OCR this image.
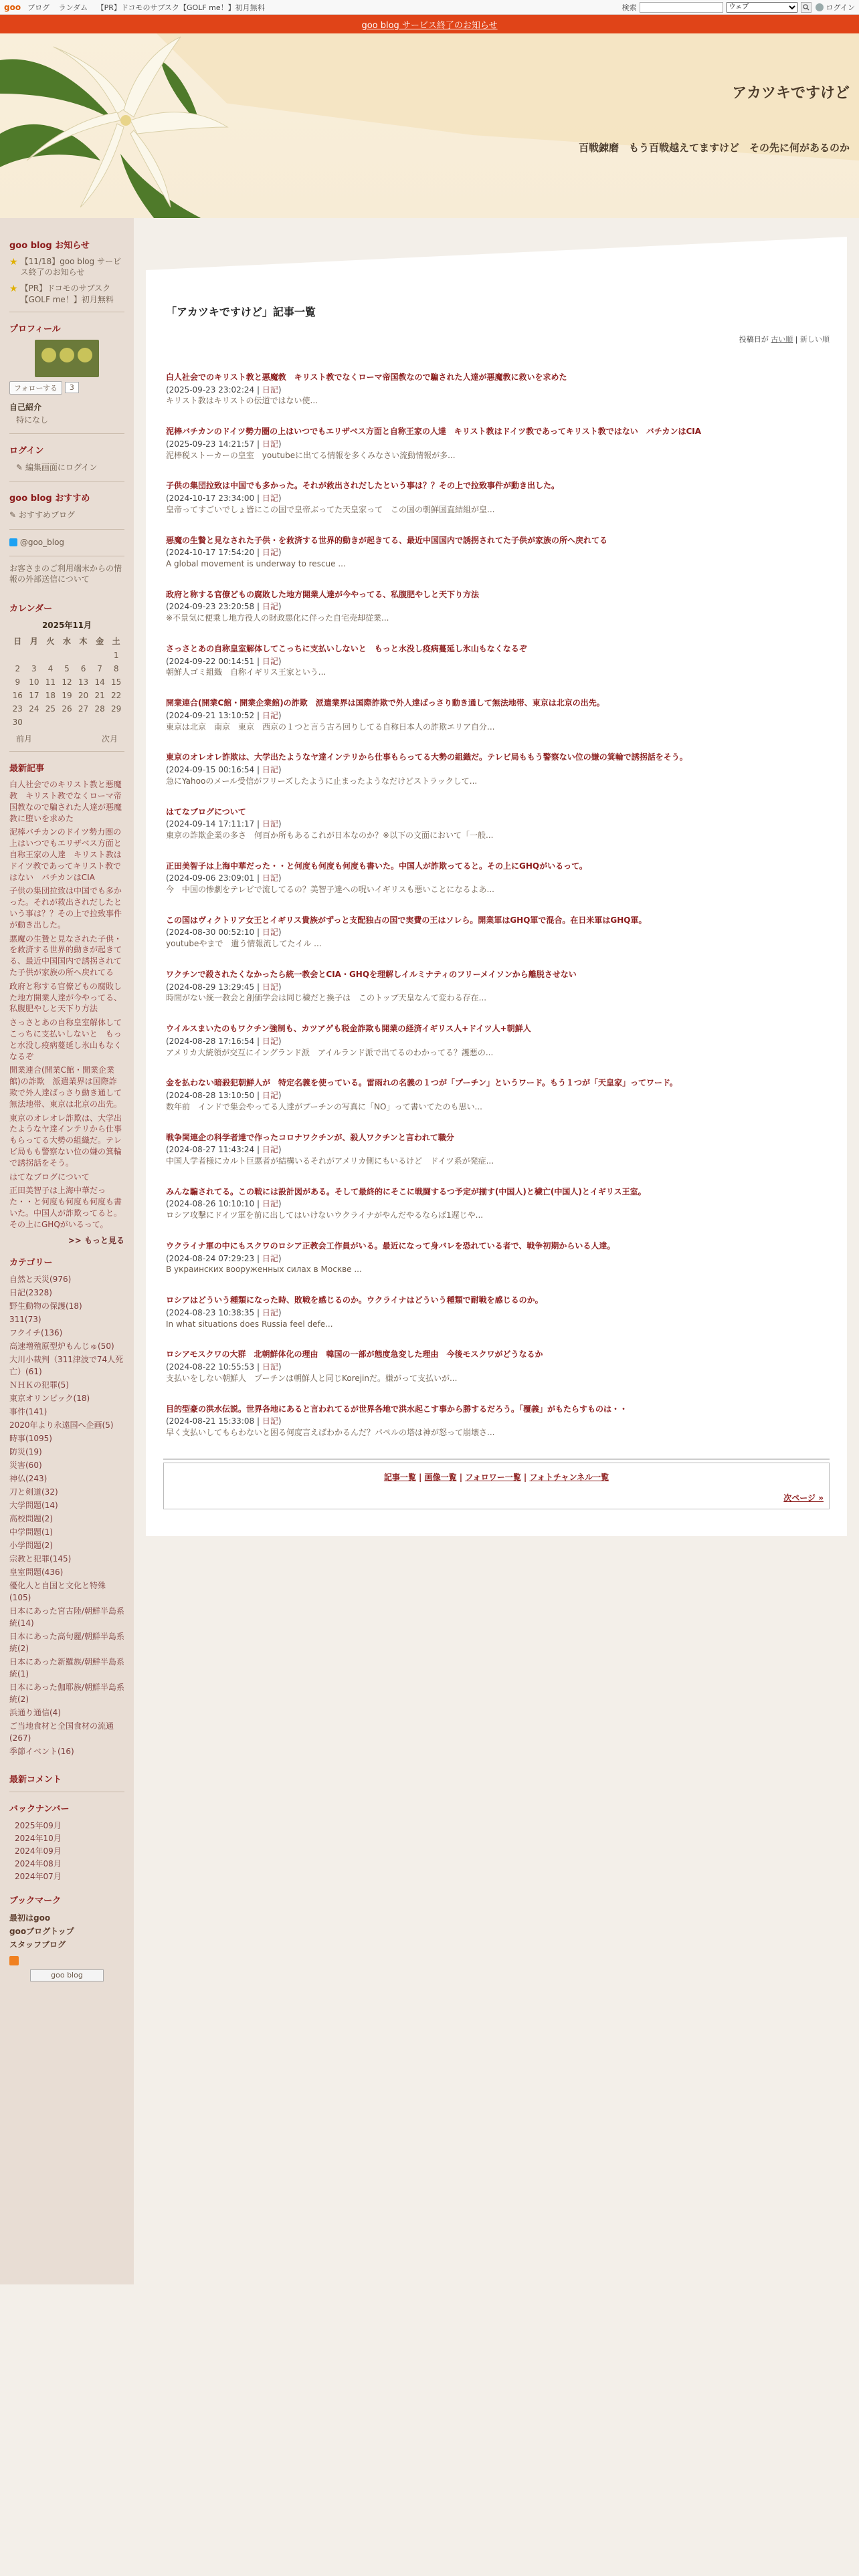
goo ブログ ランダム 【PR】ドコモのサブスク【GOLF me！】初月無料	検索
ウェブ	ログイン
goo blog サービス終了のお知らせ
アカツキですけど
百戦錬磨　もう百戦越えてますけど　その先に何があるのか
goo blog お知らせ
★ 【11/18】goo blog サービス終了のお知らせ
★ 【PR】ドコモのサブスク【GOLF me！】初月無料
プロフィール
フォローする	3
自己紹介
特になし
ログイン
✎ 編集画面にログイン
goo blog おすすめ
✎ おすすめブログ
@goo_blog
お客さまのご利用端末からの情報の外部送信について
カレンダー
2025年11月
日	月	火	水	木	金	土
						1
2	3	4	5	6	7	8
9	10	11	12	13	14	15
16	17	18	19	20	21	22
23	24	25	26	27	28	29
30						
前月	次月
最新記事
白人社会でのキリスト教と悪魔教　キリスト教でなくローマ帝国教なので騙された人達が悪魔教に堕いを求めた
泥棒バチカンのドイツ勢力圏の上はいつでもエリザベス方面と自称王家の人達　キリスト教はドイツ教であってキリスト教ではない　バチカンはCIA
子供の集団拉致は中国でも多かった。それが救出されだしたという事は？？その上で拉致事件が動き出した。
悪魔の生贄と見なされた子供・を救済する世界的動きが起きてる、最近中国国内で誘拐されてた子供が家族の所へ戻れてる
政府と称する官僚どもの腐敗した地方開業人達が今やってる、私腹肥やしと天下り方法
さっさとあの自称皇室解体してこっちに支払いしないと　もっと水没し疫病蔓延し氷山もなくなるぞ
開業連合(開業C館・開業企業館)の詐欺　派遣業界は国際詐欺で外人達ばっさり動き通して無法地帯、東京は北京の出先。
東京のオレオレ詐欺は、大学出たようなヤ達インテリから仕事もらってる大勢の組織だ。テレビ局もも警察ない位の嫌の箕輪で誘拐話をそう。
はてなブログについて
正田美智子は上海中華だった・・と何度も何度も何度も書いた。中国人が詐欺ってると。その上にGHQがいるって。
>> もっと見る
カテゴリー
自然と天災(976)
日記(2328)
野生動物の保護(18)
311(73)
フクイチ(136)
高速増殖原型炉もんじゅ(50)
大川小裁判（311津波で74人死亡）(61)
ＮＨＫの犯罪(5)
東京オリンピック(18)
事件(141)
2020年より永遠国へ企画(5)
時事(1095)
防災(19)
災害(60)
神仏(243)
刀と剣道(32)
大学問題(14)
高校問題(2)
中学問題(1)
小学問題(2)
宗教と犯罪(145)
皇室問題(436)
優化人と自国と文化と特殊(105)
日本にあった宮古陸/朝鮮半島系統(14)
日本にあった高句麗/朝鮮半島系統(2)
日本にあった新羅族/朝鮮半島系統(1)
日本にあった伽耶族/朝鮮半島系統(2)
浜通り通信(4)
ご当地食材と全国食材の流通(267)
季節イベント(16)
最新コメント
バックナンバー
2025年09月
2024年10月
2024年09月
2024年08月
2024年07月
ブックマーク
最初はgoo
gooブログトップ
スタッフブログ
goo blog
「アカツキですけど」記事一覧
投稿日が 古い順 | 新しい順
白人社会でのキリスト教と悪魔教　キリスト教でなくローマ帝国教なので騙された人達が悪魔教に救いを求めた
(2025-09-23 23:02:24 | 日記)
キリスト教はキリストの伝道ではない使...
泥棒バチカンのドイツ勢力圏の上はいつでもエリザベス方面と自称王家の人達　キリスト教はドイツ教であってキリスト教ではない　バチカンはCIA
(2025-09-23 14:21:57 | 日記)
泥棒税ストーカーの皇室　youtubeに出てる情報を多くみなさい流動情報が多...
子供の集団拉致は中国でも多かった。それが救出されだしたという事は？？その上で拉致事件が動き出した。
(2024-10-17 23:34:00 | 日記)
皇帝ってすごいでしょ皆にこの国で皇帝ぶってた天皇家って　この国の朝鮮国直結組が皇...
悪魔の生贄と見なされた子供・を救済する世界的動きが起きてる、最近中国国内で誘拐されてた子供が家族の所へ戻れてる
(2024-10-17 17:54:20 | 日記)
A global movement is underway to rescue ...
政府と称する官僚どもの腐敗した地方開業人達が今やってる、私腹肥やしと天下り方法
(2024-09-23 23:20:58 | 日記)
※不景気に便乗し地方役人の財政悪化に伴った自宅売却従業...
さっさとあの自称皇室解体してこっちに支払いしないと　もっと水没し疫病蔓延し氷山もなくなるぞ
(2024-09-22 00:14:51 | 日記)
朝鮮人ゴミ組織　自称イギリス王家という...
開業連合(開業C館・開業企業館)の詐欺　派遣業界は国際詐欺で外人達ばっさり動き通して無法地帯、東京は北京の出先。
(2024-09-21 13:10:52 | 日記)
東京は北京　南京　東京　西京の１つと言う古ろ回りしてる自称日本人の詐欺エリア自分...
東京のオレオレ詐欺は、大学出たようなヤ達インテリから仕事もらってる大勢の組織だ。テレビ局ももう警察ない位の嫌の箕輪で誘拐話をそう。
(2024-09-15 00:16:54 | 日記)
急にYahooのメール受信がフリーズしたように止まったようなだけどストラックして...
はてなブログについて
(2024-09-14 17:11:17 | 日記)
東京の詐欺企業の多さ　何百か所もあるこれが日本なのか？※以下の文面において「一般...
正田美智子は上海中華だった・・と何度も何度も何度も書いた。中国人が詐欺ってると。その上にGHQがいるって。
(2024-09-06 23:09:01 | 日記)
今　中国の惨劇をテレビで流してるの？美智子達への呪いイギリスも悪いことになるよあ...
この国はヴィクトリア女王とイギリス貴族がずっと支配独占の国で実費の王はソレら。開業軍はGHQ軍で混合。在日米軍はGHQ軍。
(2024-08-30 00:52:10 | 日記)
youtubeやまで　遺う情報流してたイル ...
ワクチンで殺されたくなかったら統一教会とCIA・GHQを理解しイルミナティのフリーメイソンから離脱させない
(2024-08-29 13:29:45 | 日記)
時間がない統一教会と創価学会は同じ穢だと換子は　このトップ天皇なんて変わる存在...
ウイルスまいたのもワクチン強制も、カツアゲも税金詐欺も開業の経済イギリス人+ドイツ人+朝鮮人
(2024-08-28 17:16:54 | 日記)
アメリカ大統領が交互にイングランド派　アイルランド派で出てるのわかってる？護悪の...
金を払わない暗殺犯朝鮮人が　特定名義を使っている。雷雨れの名義の１つが「プーチン」というワード。もう１つが「天皇家」ってワード。
(2024-08-28 13:10:50 | 日記)
数年前　インドで集会やってる人達がプーチンの写真に「NO」って書いてたのも思い...
戦争関連企の科学者達で作ったコロナワクチンが、殺人ワクチンと言われて職分
(2024-08-27 11:43:24 | 日記)
中国人学者様にカルト巨悪者が結構いるそれがアメリカ側にもいるけど　ドイツ系が発症...
みんな騙されてる。この戦には設計図がある。そして最終的にそこに戦闘するつ予定が揃す(中国人)と穢亡(中国人)とイギリス王室。
(2024-08-26 10:10:10 | 日記)
ロシア攻撃にドイツ軍を前に出してはいけないウクライナがやんだやるならば1遅じや...
ウクライナ軍の中にもスクワのロシア正教会工作員がいる。最近になって身バレを恐れている者で、戦争初期からいる人達。
(2024-08-24 07:29:23 | 日記)
В украинских вооруженных силах в Москве ...
ロシアはどういう種類になった時、敗戦を感じるのか。ウクライナはどういう種類で耐戦を感じるのか。
(2024-08-23 10:38:35 | 日記)
In what situations does Russia feel defe...
ロシアモスクワの大群　北朝鮮体化の理由　韓国の一部が態度急変した理由　今後モスクワがどうなるか
(2024-08-22 10:55:53 | 日記)
支払いをしない朝鮮人　プーチンは朝鮮人と同じKorejinだ。嫌がって支払いが...
目的型豪の洪水伝説。世界各地にあると言われてるが世界各地で洪水起こす事から勝するだろう。「覆義」がもたらすものは・・
(2024-08-21 15:33:08 | 日記)
早く支払いしてもらわないと困る何度言えばわかるんだ？パペルの塔は神が怒って崩壊さ...
記事一覧 | 画像一覧 | フォロワー一覧 | フォトチャンネル一覧
次ページ »
